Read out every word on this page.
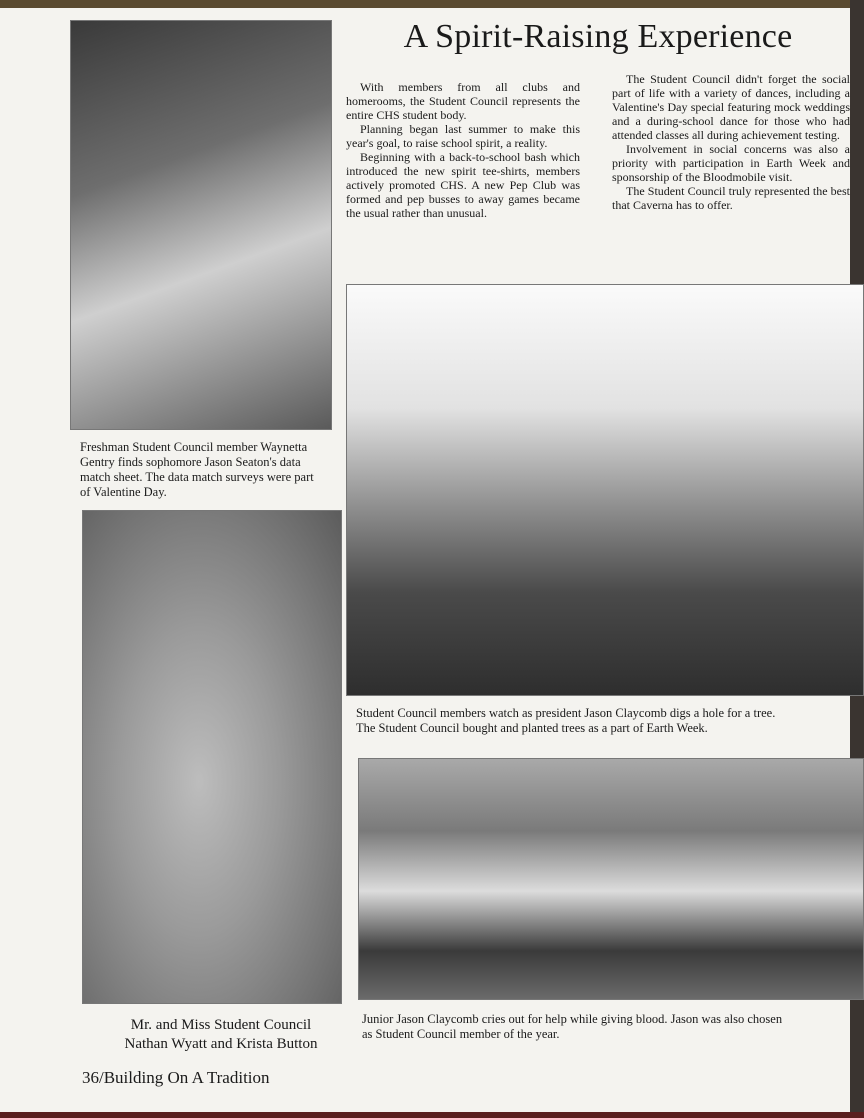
A Spirit-Raising Experience

With members from all clubs and homerooms, the Student Council represents the entire CHS student body.

Planning began last summer to make this year's goal, to raise school spirit, a reality.

Beginning with a back-to-school bash which introduced the new spirit tee-shirts, members actively promoted CHS. A new Pep Club was formed and pep busses to away games became the usual rather than unusual.

The Student Council didn't forget the social part of life with a variety of dances, including a Valentine's Day special featuring mock weddings and a during-school dance for those who had attended classes all during achievement testing.

Involvement in social concerns was also a priority with participation in Earth Week and sponsorship of the Bloodmobile visit.

The Student Council truly represented the best that Caverna has to offer.

Freshman Student Council member Waynetta Gentry finds sophomore Jason Seaton's data match sheet. The data match surveys were part of Valentine Day.
Student Council members watch as president Jason Claycomb digs a hole for a tree.
The Student Council bought and planted trees as a part of Earth Week.
Junior Jason Claycomb cries out for help while giving blood. Jason was also chosen
as Student Council member of the year.
Mr. and Miss Student Council
Nathan Wyatt and Krista Button
36/Building On A Tradition
